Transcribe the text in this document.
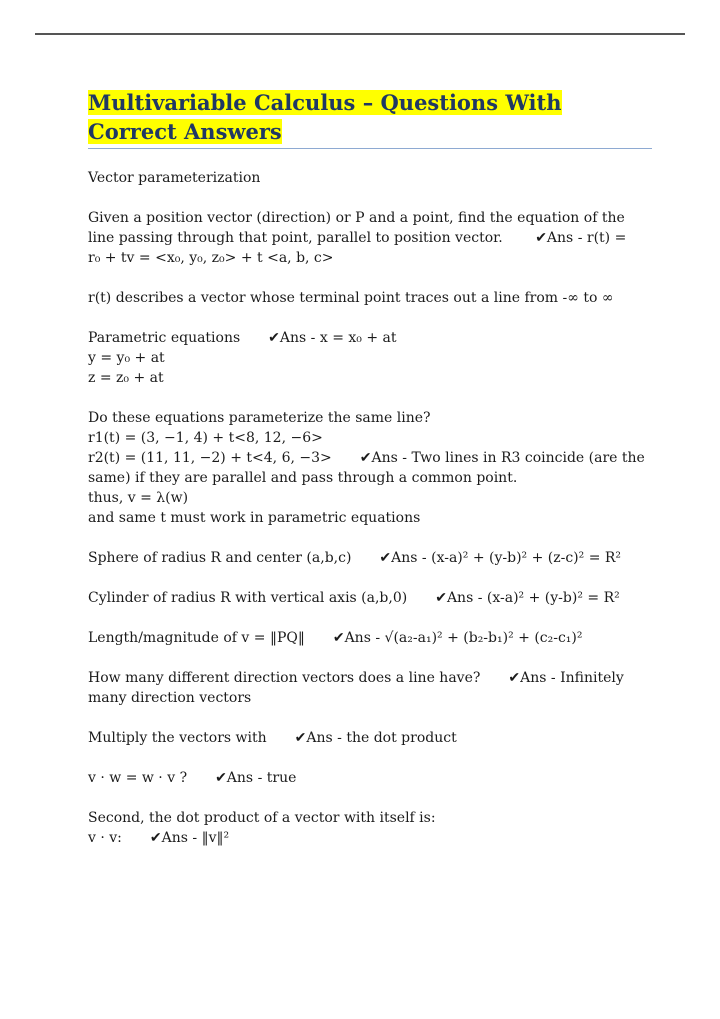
Multivariable Calculus – Questions With Correct Answers

Vector parameterization

Given a position vector (direction) or P and a point, find the equation of the line passing through that point, parallel to position vector. ✔Ans - r(t) =

r₀ + tv = <x₀, y₀, z₀> + t <a, b, c>

r(t) describes a vector whose terminal point traces out a line from -∞ to ∞

Parametric equations ✔Ans - x = x₀ + at

y = y₀ + at

z = z₀ + at

Do these equations parameterize the same line?

r1(t) = (3, −1, 4) + t<8, 12, −6>

r2(t) = (11, 11, −2) + t<4, 6, −3> ✔Ans - Two lines in R3 coincide (are the

same) if they are parallel and pass through a common point.

thus, v = λ(w)

and same t must work in parametric equations

Sphere of radius R and center (a,b,c) ✔Ans - (x-a)² + (y-b)² + (z-c)² = R²

Cylinder of radius R with vertical axis (a,b,0) ✔Ans - (x-a)² + (y-b)² = R²

Length/magnitude of v = ‖PQ‖ ✔Ans - √(a₂-a₁)² + (b₂-b₁)² + (c₂-c₁)²

How many different direction vectors does a line have? ✔Ans - Infinitely

many direction vectors

Multiply the vectors with ✔Ans - the dot product

v · w = w · v ? ✔Ans - true

Second, the dot product of a vector with itself is:

v · v: ✔Ans - ‖v‖²
